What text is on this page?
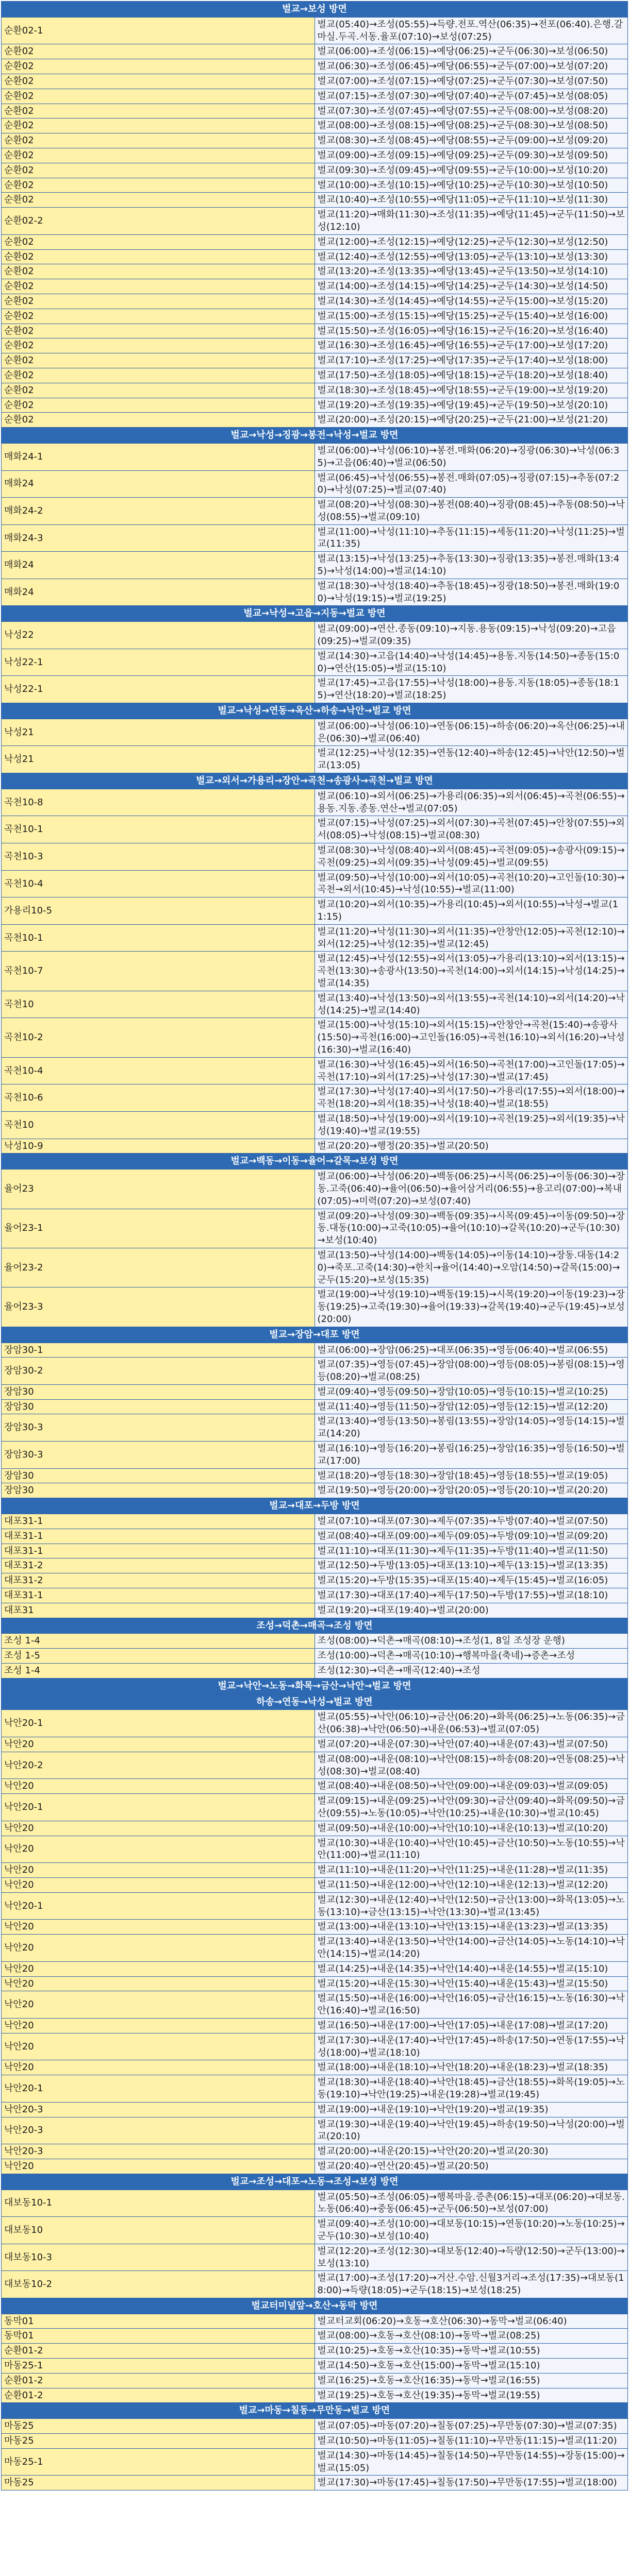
벌교→보성 방면	
순환02-1	벌교(05:40)→조성(05:55)→득량.전포.역산(06:35)→전포(06:40).은행.갈마실.두곡.서동.율포(07:10)→보성(07:25)
순환02	벌교(06:00)→조성(06:15)→예당(06:25)→군두(06:30)→보성(06:50)
순환02	벌교(06:30)→조성(06:45)→예당(06:55)→군두(07:00)→보성(07:20)
순환02	벌교(07:00)→조성(07:15)→예당(07:25)→군두(07:30)→보성(07:50)
순환02	벌교(07:15)→조성(07:30)→예당(07:40)→군두(07:45)→보성(08:05)
순환02	벌교(07:30)→조성(07:45)→예당(07:55)→군두(08:00)→보성(08:20)
순환02	벌교(08:00)→조성(08:15)→예당(08:25)→군두(08:30)→보성(08:50)
순환02	벌교(08:30)→조성(08:45)→예당(08:55)→군두(09:00)→보성(09:20)
순환02	벌교(09:00)→조성(09:15)→예당(09:25)→군두(09:30)→보성(09:50)
순환02	벌교(09:30)→조성(09:45)→예당(09:55)→군두(10:00)→보성(10:20)
순환02	벌교(10:00)→조성(10:15)→예당(10:25)→군두(10:30)→보성(10:50)
순환02	벌교(10:40)→조성(10:55)→예당(11:05)→군두(11:10)→보성(11:30)
순환02-2	벌교(11:20)→매화(11:30)→조성(11:35)→예당(11:45)→군두(11:50)→보성(12:10)
순환02	벌교(12:00)→조성(12:15)→예당(12:25)→군두(12:30)→보성(12:50)
순환02	벌교(12:40)→조성(12:55)→예당(13:05)→군두(13:10)→보성(13:30)
순환02	벌교(13:20)→조성(13:35)→예당(13:45)→군두(13:50)→보성(14:10)
순환02	벌교(14:00)→조성(14:15)→예당(14:25)→군두(14:30)→보성(14:50)
순환02	벌교(14:30)→조성(14:45)→예당(14:55)→군두(15:00)→보성(15:20)
순환02	벌교(15:00)→조성(15:15)→예당(15:25)→군두(15:40)→보성(16:00)
순환02	벌교(15:50)→조성(16:05)→예당(16:15)→군두(16:20)→보성(16:40)
순환02	벌교(16:30)→조성(16:45)→예당(16:55)→군두(17:00)→보성(17:20)
순환02	벌교(17:10)→조성(17:25)→예당(17:35)→군두(17:40)→보성(18:00)
순환02	벌교(17:50)→조성(18:05)→예당(18:15)→군두(18:20)→보성(18:40)
순환02	벌교(18:30)→조성(18:45)→예당(18:55)→군두(19:00)→보성(19:20)
순환02	벌교(19:20)→조성(19:35)→예당(19:45)→군두(19:50)→보성(20:10)
순환02	벌교(20:00)→조성(20:15)→예당(20:25)→군두(21:00)→보성(21:20)
벌교→낙성→징광→봉전→낙성→벌교 방면	
매화24-1	벌교(06:00)→낙성(06:10)→봉전.매화(06:20)→징광(06:30)→낙성(06:35)→고읍(06:40)→벌교(06:50)
매화24	벌교(06:45)→낙성(06:55)→봉전.매화(07:05)→징광(07:15)→추동(07:20)→낙성(07:25)→벌교(07:40)
매화24-2	벌교(08:20)→낙성(08:30)→봉전(08:40)→징광(08:45)→추동(08:50)→낙성(08:55)→벌교(09:10)
매화24-3	벌교(11:00)→낙성(11:10)→추동(11:15)→세동(11:20)→낙성(11:25)→벌교(11:35)
매화24	벌교(13:15)→낙성(13:25)→추동(13:30)→징광(13:35)→봉전.매화(13:45)→낙성(14:00)→벌교(14:10)
매화24	벌교(18:30)→낙성(18:40)→추동(18:45)→징광(18:50)→봉전.매화(19:00)→낙성(19:15)→벌교(19:25)
벌교→낙성→고읍→지동→벌교 방면	
낙성22	벌교(09:00)→연산.종동(09:10)→지동.용동(09:15)→낙성(09:20)→고읍(09:25)→벌교(09:35)
낙성22-1	벌교(14:30)→고읍(14:40)→낙성(14:45)→용동.지동(14:50)→종동(15:00)→연산(15:05)→벌교(15:10)
낙성22-1	벌교(17:45)→고읍(17:55)→낙성(18:00)→용동.지동(18:05)→종동(18:15)→연산(18:20)→벌교(18:25)
벌교→낙성→연동→옥산→하송→낙안→벌교 방면	
낙성21	벌교(06:00)→낙성(06:10)→연동(06:15)→하송(06:20)→옥산(06:25)→내은(06:30)→벌교(06:40)
낙성21	벌교(12:25)→낙성(12:35)→연동(12:40)→하송(12:45)→낙안(12:50)→벌교(13:05)
벌교→외서→가용리→장안→곡천→송광사→곡천→벌교 방면	
곡천10-8	벌교(06:10)→외서(06:25)→가용리(06:35)→외서(06:45)→곡천(06:55)→용동.지동.종동.연산→벌교(07:05)
곡천10-1	벌교(07:15)→낙성(07:25)→외서(07:30)→곡천(07:45)→안창(07:55)→외서(08:05)→낙성(08:15)→벌교(08:30)
곡천10-3	벌교(08:30)→낙성(08:40)→외서(08:45)→곡천(09:05)→송광사(09:15)→곡천(09:25)→외서(09:35)→낙성(09:45)→벌교(09:55)
곡천10-4	벌교(09:50)→낙성(10:00)→외서(10:05)→곡천(10:20)→고인돌(10:30)→곡천→외서(10:45)→낙성(10:55)→벌교(11:00)
가용리10-5	벌교(10:20)→외서(10:35)→가용리(10:45)→외서(10:55)→낙성→벌교(11:15)
곡천10-1	벌교(11:20)→낙성(11:30)→외서(11:35)→안창안(12:05)→곡천(12:10)→외서(12:25)→낙성(12:35)→벌교(12:45)
곡천10-7	벌교(12:45)→낙성(12:55)→외서(13:05)→가용리(13:10)→외서(13:15)→곡천(13:30)→송광사(13:50)→곡천(14:00)→외서(14:15)→낙성(14:25)→벌교(14:35)
곡천10	벌교(13:40)→낙성(13:50)→외서(13:55)→곡천(14:10)→외서(14:20)→낙성(14:25)→벌교(14:40)
곡천10-2	벌교(15:00)→낙성(15:10)→외서(15:15)→안창안→곡천(15:40)→송광사(15:50)→곡천(16:00)→고인돌(16:05)→곡천(16:10)→외서(16:20)→낙성(16:30)→벌교(16:40)
곡천10-4	벌교(16:30)→낙성(16:45)→외서(16:50)→곡천(17:00)→고인돌(17:05)→곡천(17:10)→외서(17:25)→낙성(17:30)→벌교(17:45)
곡천10-6	벌교(17:30)→낙성(17:40)→외서(17:50)→가용리(17:55)→외서(18:00)→곡천(18:20)→외서(18:35)→낙성(18:40)→벌교(18:55)
곡천10	벌교(18:50)→낙성(19:00)→외서(19:10)→곡천(19:25)→외서(19:35)→낙성(19:40)→벌교(19:55)
낙성10-9	벌교(20:20)→행정(20:35)→벌교(20:50)
벌교→백동→이동→율어→갈목→보성 방면	
율어23	벌교(06:00)→낙성(06:20)→백동(06:25)→시목(06:25)→이동(06:30)→장동.고죽(06:40)→율어(06:50)→율어삼거리(06:55)→용고리(07:00)→복내(07:05)→미력(07:20)→보성(07:40)
율어23-1	벌교(09:20)→낙성(09:30)→백동(09:35)→시목(09:45)→이동(09:50)→장동.대동(10:00)→고죽(10:05)→율어(10:10)→갈목(10:20)→군두(10:30)→보성(10:40)
율어23-2	벌교(13:50)→낙성(14:00)→백동(14:05)→이동(14:10)→장동.대동(14:20)→죽포.고죽(14:30)→한치→율어(14:40)→오암(14:50)→갈목(15:00)→군두(15:20)→보성(15:35)
율어23-3	벌교(19:00)→낙성(19:10)→백동(19:15)→시목(19:20)→이동(19:23)→장동(19:25)→고죽(19:30)→율어(19:33)→갈목(19:40)→군두(19:45)→보성(20:00)
벌교→장암→대포 방면	
장암30-1	벌교(06:00)→장암(06:25)→대포(06:35)→영등(06:40)→벌교(06:55)
장암30-2	벌교(07:35)→영등(07:45)→장암(08:00)→영등(08:05)→봉림(08:15)→영등(08:20)→벌교(08:25)
장암30	벌교(09:40)→영등(09:50)→장암(10:05)→영등(10:15)→벌교(10:25)
장암30	벌교(11:40)→영등(11:50)→장암(12:05)→영등(12:15)→벌교(12:20)
장암30-3	벌교(13:40)→영등(13:50)→봉림(13:55)→장암(14:05)→영등(14:15)→벌교(14:20)
장암30-3	벌교(16:10)→영등(16:20)→봉림(16:25)→장암(16:35)→영등(16:50)→벌교(17:00)
장암30	벌교(18:20)→영등(18:30)→장암(18:45)→영등(18:55)→벌교(19:05)
장암30	벌교(19:50)→영등(20:00)→장암(20:05)→영등(20:10)→벌교(20:20)
벌교→대포→두방 방면	
대포31-1	벌교(07:10)→대포(07:30)→제두(07:35)→두방(07:40)→벌교(07:50)
대포31-1	벌교(08:40)→대포(09:00)→제두(09:05)→두방(09:10)→벌교(09:20)
대포31-1	벌교(11:10)→대포(11:30)→제두(11:35)→두방(11:40)→벌교(11:50)
대포31-2	벌교(12:50)→두방(13:05)→대포(13:10)→제두(13:15)→벌교(13:35)
대포31-2	벌교(15:20)→두방(15:35)→대포(15:40)→제두(15:45)→벌교(16:05)
대포31-1	벌교(17:30)→대포(17:40)→제두(17:50)→두방(17:55)→벌교(18:10)
대포31	벌교(19:20)→대포(19:40)→벌교(20:00)
조성→덕촌→매곡→조성 방면	
조성 1-4	조성(08:00)→덕촌→매곡(08:10)→조성(1, 8일 조성장 운행)
조성 1-5	조성(10:00)→덕촌→매곡(10:10)→행복마을(축네)→증촌→조성
조성 1-4	조성(12:30)→덕촌→매곡(12:40)→조성
벌교→낙안→노동→화목→금산→낙안→벌교 방면	
하송→연동→낙성→벌교 방면	
낙안20-1	벌교(05:55)→낙안(06:10)→금산(06:20)→화목(06:25)→노동(06:35)→금산(06:38)→낙안(06:50)→내운(06:53)→벌교(07:05)
낙안20	벌교(07:20)→내운(07:30)→낙안(07:40)→내운(07:43)→벌교(07:50)
낙안20-2	벌교(08:00)→내운(08:10)→낙안(08:15)→하송(08:20)→연동(08:25)→낙성(08:30)→벌교(08:40)
낙안20	벌교(08:40)→내운(08:50)→낙안(09:00)→내운(09:03)→벌교(09:05)
낙안20-1	벌교(09:15)→내운(09:25)→낙안(09:30)→금산(09:40)→화목(09:50)→금산(09:55)→노동(10:05)→낙안(10:25)→내운(10:30)→벌교(10:45)
낙안20	벌교(09:50)→내운(10:00)→낙안(10:10)→내운(10:13)→벌교(10:20)
낙안20	벌교(10:30)→내운(10:40)→낙안(10:45)→금산(10:50)→노동(10:55)→낙안(11:00)→벌교(11:10)
낙안20	벌교(11:10)→내운(11:20)→낙안(11:25)→내운(11:28)→벌교(11:35)
낙안20	벌교(11:50)→내운(12:00)→낙안(12:10)→내운(12:13)→벌교(12:20)
낙안20-1	벌교(12:30)→내운(12:40)→낙안(12:50)→금산(13:00)→화목(13:05)→노동(13:10)→금산(13:15)→낙안(13:30)→벌교(13:45)
낙안20	벌교(13:00)→내운(13:10)→낙안(13:15)→내운(13:23)→벌교(13:35)
낙안20	벌교(13:40)→내운(13:50)→낙안(14:00)→금산(14:05)→노동(14:10)→낙안(14:15)→벌교(14:20)
낙안20	벌교(14:25)→내운(14:35)→낙안(14:40)→내운(14:55)→벌교(15:10)
낙안20	벌교(15:20)→내운(15:30)→낙안(15:40)→내운(15:43)→벌교(15:50)
낙안20	벌교(15:50)→내운(16:00)→낙안(16:05)→금산(16:15)→노동(16:30)→낙안(16:40)→벌교(16:50)
낙안20	벌교(16:50)→내운(17:00)→낙안(17:05)→내운(17:08)→벌교(17:20)
낙안20	벌교(17:30)→내운(17:40)→낙안(17:45)→하송(17:50)→연동(17:55)→낙성(18:00)→벌교(18:10)
낙안20	벌교(18:00)→내운(18:10)→낙안(18:20)→내운(18:23)→벌교(18:35)
낙안20-1	벌교(18:30)→내운(18:40)→낙안(18:45)→금산(18:55)→화목(19:05)→노동(19:10)→낙안(19:25)→내운(19:28)→벌교(19:45)
낙안20-3	벌교(19:00)→내운(19:10)→낙안(19:20)→벌교(19:35)
낙안20-3	벌교(19:30)→내운(19:40)→낙안(19:45)→하송(19:50)→낙성(20:00)→벌교(20:10)
낙안20-3	벌교(20:00)→내운(20:15)→낙안(20:20)→벌교(20:30)
낙안20	벌교(20:40)→연산(20:45)→벌교(20:50)
벌교→조성→대포→노동→조성→보성 방면	
대보동10-1	벌교(05:50)→조성(06:05)→행복마을.증촌(06:15)→대포(06:20)→대보동.노동(06:40)→중동(06:45)→군두(06:50)→보성(07:00)
대보동10	벌교(09:40)→조성(10:00)→대보동(10:15)→연동(10:20)→노동(10:25)→군두(10:30)→보성(10:40)
대보동10-3	벌교(12:20)→조성(12:30)→대보동(12:40)→득량(12:50)→군두(13:00)→보성(13:10)
대보동10-2	벌교(17:00)→조성(17:20)→거산.수암.신월3거리→조성(17:35)→대보동(18:00)→득량(18:05)→군두(18:15)→보성(18:25)
벌교터미널앞→호산→동막 방면	
동막01	벌교터교회(06:20)→호동→호산(06:30)→동막→벌교(06:40)
동막01	벌교(08:00)→호동→호산(08:10)→동막→벌교(08:25)
순환01-2	벌교(10:25)→호동→호산(10:35)→동막→벌교(10:55)
마동25-1	벌교(14:50)→호동→호산(15:00)→동막→벌교(15:10)
순환01-2	벌교(16:25)→호동→호산(16:35)→동막→벌교(16:55)
순환01-2	벌교(19:25)→호동→호산(19:35)→동막→벌교(19:55)
벌교→마동→칠동→무만동→벌교 방면	
마동25	벌교(07:05)→마동(07:20)→칠동(07:25)→무만동(07:30)→벌교(07:35)
마동25	벌교(10:50)→마동(11:05)→칠동(11:10)→무만동(11:15)→벌교(11:20)
마동25-1	벌교(14:30)→마동(14:45)→칠동(14:50)→무만동(14:55)→장동(15:00)→벌교(15:05)
마동25	벌교(17:30)→마동(17:45)→칠동(17:50)→무만동(17:55)→벌교(18:00)
